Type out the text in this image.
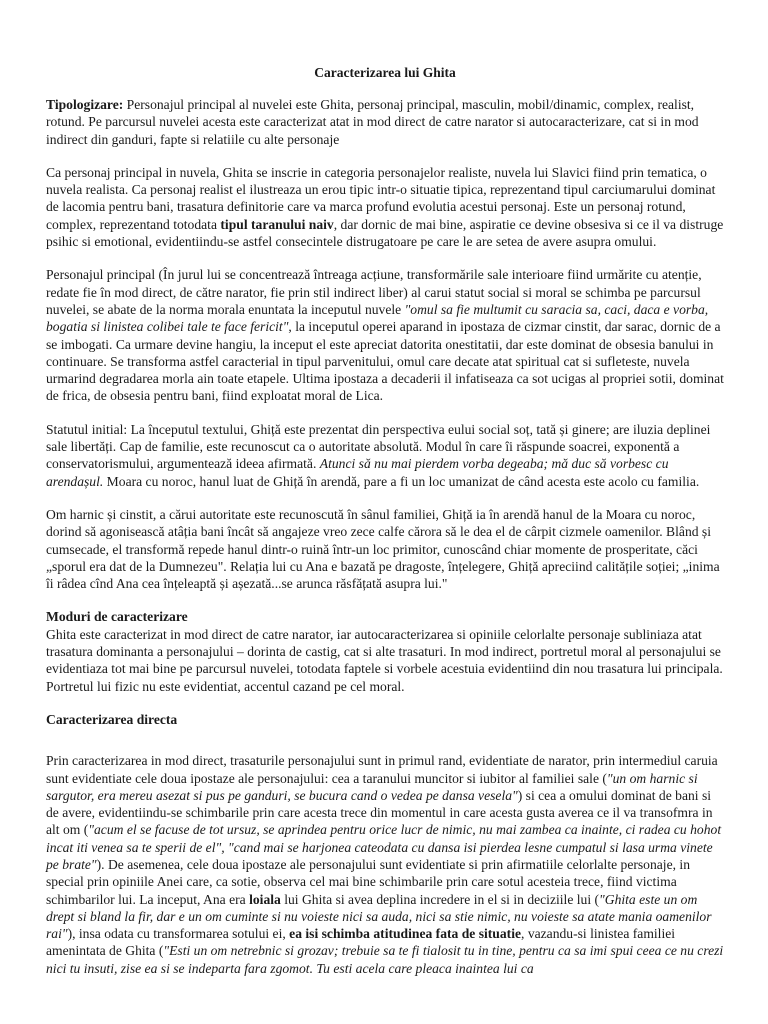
Caracterizarea lui Ghita

Tipologizare: Personajul principal al nuvelei este Ghita, personaj principal, masculin, mobil/dinamic, complex, realist, rotund. Pe parcursul nuvelei acesta este caracterizat atat in mod direct de catre narator si autocaracterizare, cat si in mod indirect din ganduri, fapte si relatiile cu alte personaje

Ca personaj principal in nuvela, Ghita se inscrie in categoria personajelor realiste, nuvela lui Slavici fiind prin tematica, o nuvela realista. Ca personaj realist el ilustreaza un erou tipic intr-o situatie tipica, reprezentand tipul carciumarului dominat de lacomia pentru bani, trasatura definitorie care va marca profund evolutia acestui personaj. Este un personaj rotund, complex, reprezentand totodata tipul taranului naiv, dar dornic de mai bine, aspiratie ce devine obsesiva si ce il va distruge psihic si emotional, evidentiindu-se astfel consecintele distrugatoare pe care le are setea de avere asupra omului.

Personajul principal (În jurul lui se concentrează întreaga acțiune, transformările sale interioare fiind urmărite cu atenție, redate fie în mod direct, de către narator, fie prin stil indirect liber) al carui statut social si moral se schimba pe parcursul nuvelei, se abate de la norma morala enuntata la inceputul nuvele "omul sa fie multumit cu saracia sa, caci, daca e vorba, bogatia si linistea colibei tale te face fericit", la inceputul operei aparand in ipostaza de cizmar cinstit, dar sarac, dornic de a se imbogati. Ca urmare devine hangiu, la inceput el este apreciat datorita onestitatii, dar este dominat de obsesia banului in continuare. Se transforma astfel caracterial in tipul parvenitului, omul care decate atat spiritual cat si sufleteste, nuvela urmarind degradarea morla ain toate etapele. Ultima ipostaza a decaderii il infatiseaza ca sot ucigas al propriei sotii, dominat de frica, de obsesia pentru bani, fiind exploatat moral de Lica.

Statutul initial: La începutul textului, Ghiță este prezentat din perspectiva eului social soț, tată și ginere; are iluzia deplinei sale libertăți. Cap de familie, este recunoscut ca o autoritate absolută. Modul în care îi răspunde soacrei, exponentă a conservatorismului, argumentează ideea afirmată. Atunci să nu mai pierdem vorba degeaba; mă duc să vorbesc cu arendașul. Moara cu noroc, hanul luat de Ghiță în arendă, pare a fi un loc umanizat de când acesta este acolo cu familia.

Om harnic și cinstit, a cărui autoritate este recunoscută în sânul familiei, Ghiță ia în arendă hanul de la Moara cu noroc, dorind să agonisească atâția bani încât să angajeze vreo zece calfe cărora să le dea el de cârpit cizmele oamenilor. Blând și cumsecade, el transformă repede hanul dintr-o ruină într-un loc primitor, cunoscând chiar momente de prosperitate, căci „sporul era dat de la Dumnezeu". Relația lui cu Ana e bazată pe dragoste, înțelegere, Ghiță apreciind calitățile soției; „inima îi râdea cînd Ana cea înțeleaptă și așezată...se arunca răsfățată asupra lui."

Moduri de caracterizare

Ghita este caracterizat in mod direct de catre narator, iar autocaracterizarea si opiniile celorlalte personaje subliniaza atat trasatura dominanta a personajului – dorinta de castig, cat si alte trasaturi. In mod indirect, portretul moral al personajului se evidentiaza tot mai bine pe parcursul nuvelei, totodata faptele si vorbele acestuia evidentiind din nou trasatura lui principala. Portretul lui fizic nu este evidentiat, accentul cazand pe cel moral.

Caracterizarea directa

Prin caracterizarea in mod direct, trasaturile personajului sunt in primul rand, evidentiate de narator, prin intermediul caruia sunt evidentiate cele doua ipostaze ale personajului: cea a taranului muncitor si iubitor al familiei sale ("un om harnic si sargutor, era mereu asezat si pus pe ganduri, se bucura cand o vedea pe dansa vesela") si cea a omului dominat de bani si de avere, evidentiindu-se schimbarile prin care acesta trece din momentul in care acesta gusta averea ce il va transofmra in alt om ("acum el se facuse de tot ursuz, se aprindea pentru orice lucr de nimic, nu mai zambea ca inainte, ci radea cu hohot incat iti venea sa te sperii de el", "cand mai se harjonea cateodata cu dansa isi pierdea lesne cumpatul si lasa urma vinete pe brate"). De asemenea, cele doua ipostaze ale personajului sunt evidentiate si prin afirmatiile celorlalte personaje, in special prin opiniile Anei care, ca sotie, observa cel mai bine schimbarile prin care sotul acesteia trece, fiind victima schimbarilor lui. La inceput, Ana era loiala lui Ghita si avea deplina incredere in el si in deciziile lui ("Ghita este un om drept si bland la fir, dar e un om cuminte si nu voieste nici sa auda, nici sa stie nimic, nu voieste sa atate mania oamenilor rai"), insa odata cu transformarea sotului ei, ea isi schimba atitudinea fata de situatie, vazandu-si linistea familiei amenintata de Ghita ("Esti un om netrebnic si grozav; trebuie sa te fi tialosit tu in tine, pentru ca sa imi spui ceea ce nu crezi nici tu insuti, zise ea si se indeparta fara zgomot. Tu esti acela care pleaca inaintea lui ca
